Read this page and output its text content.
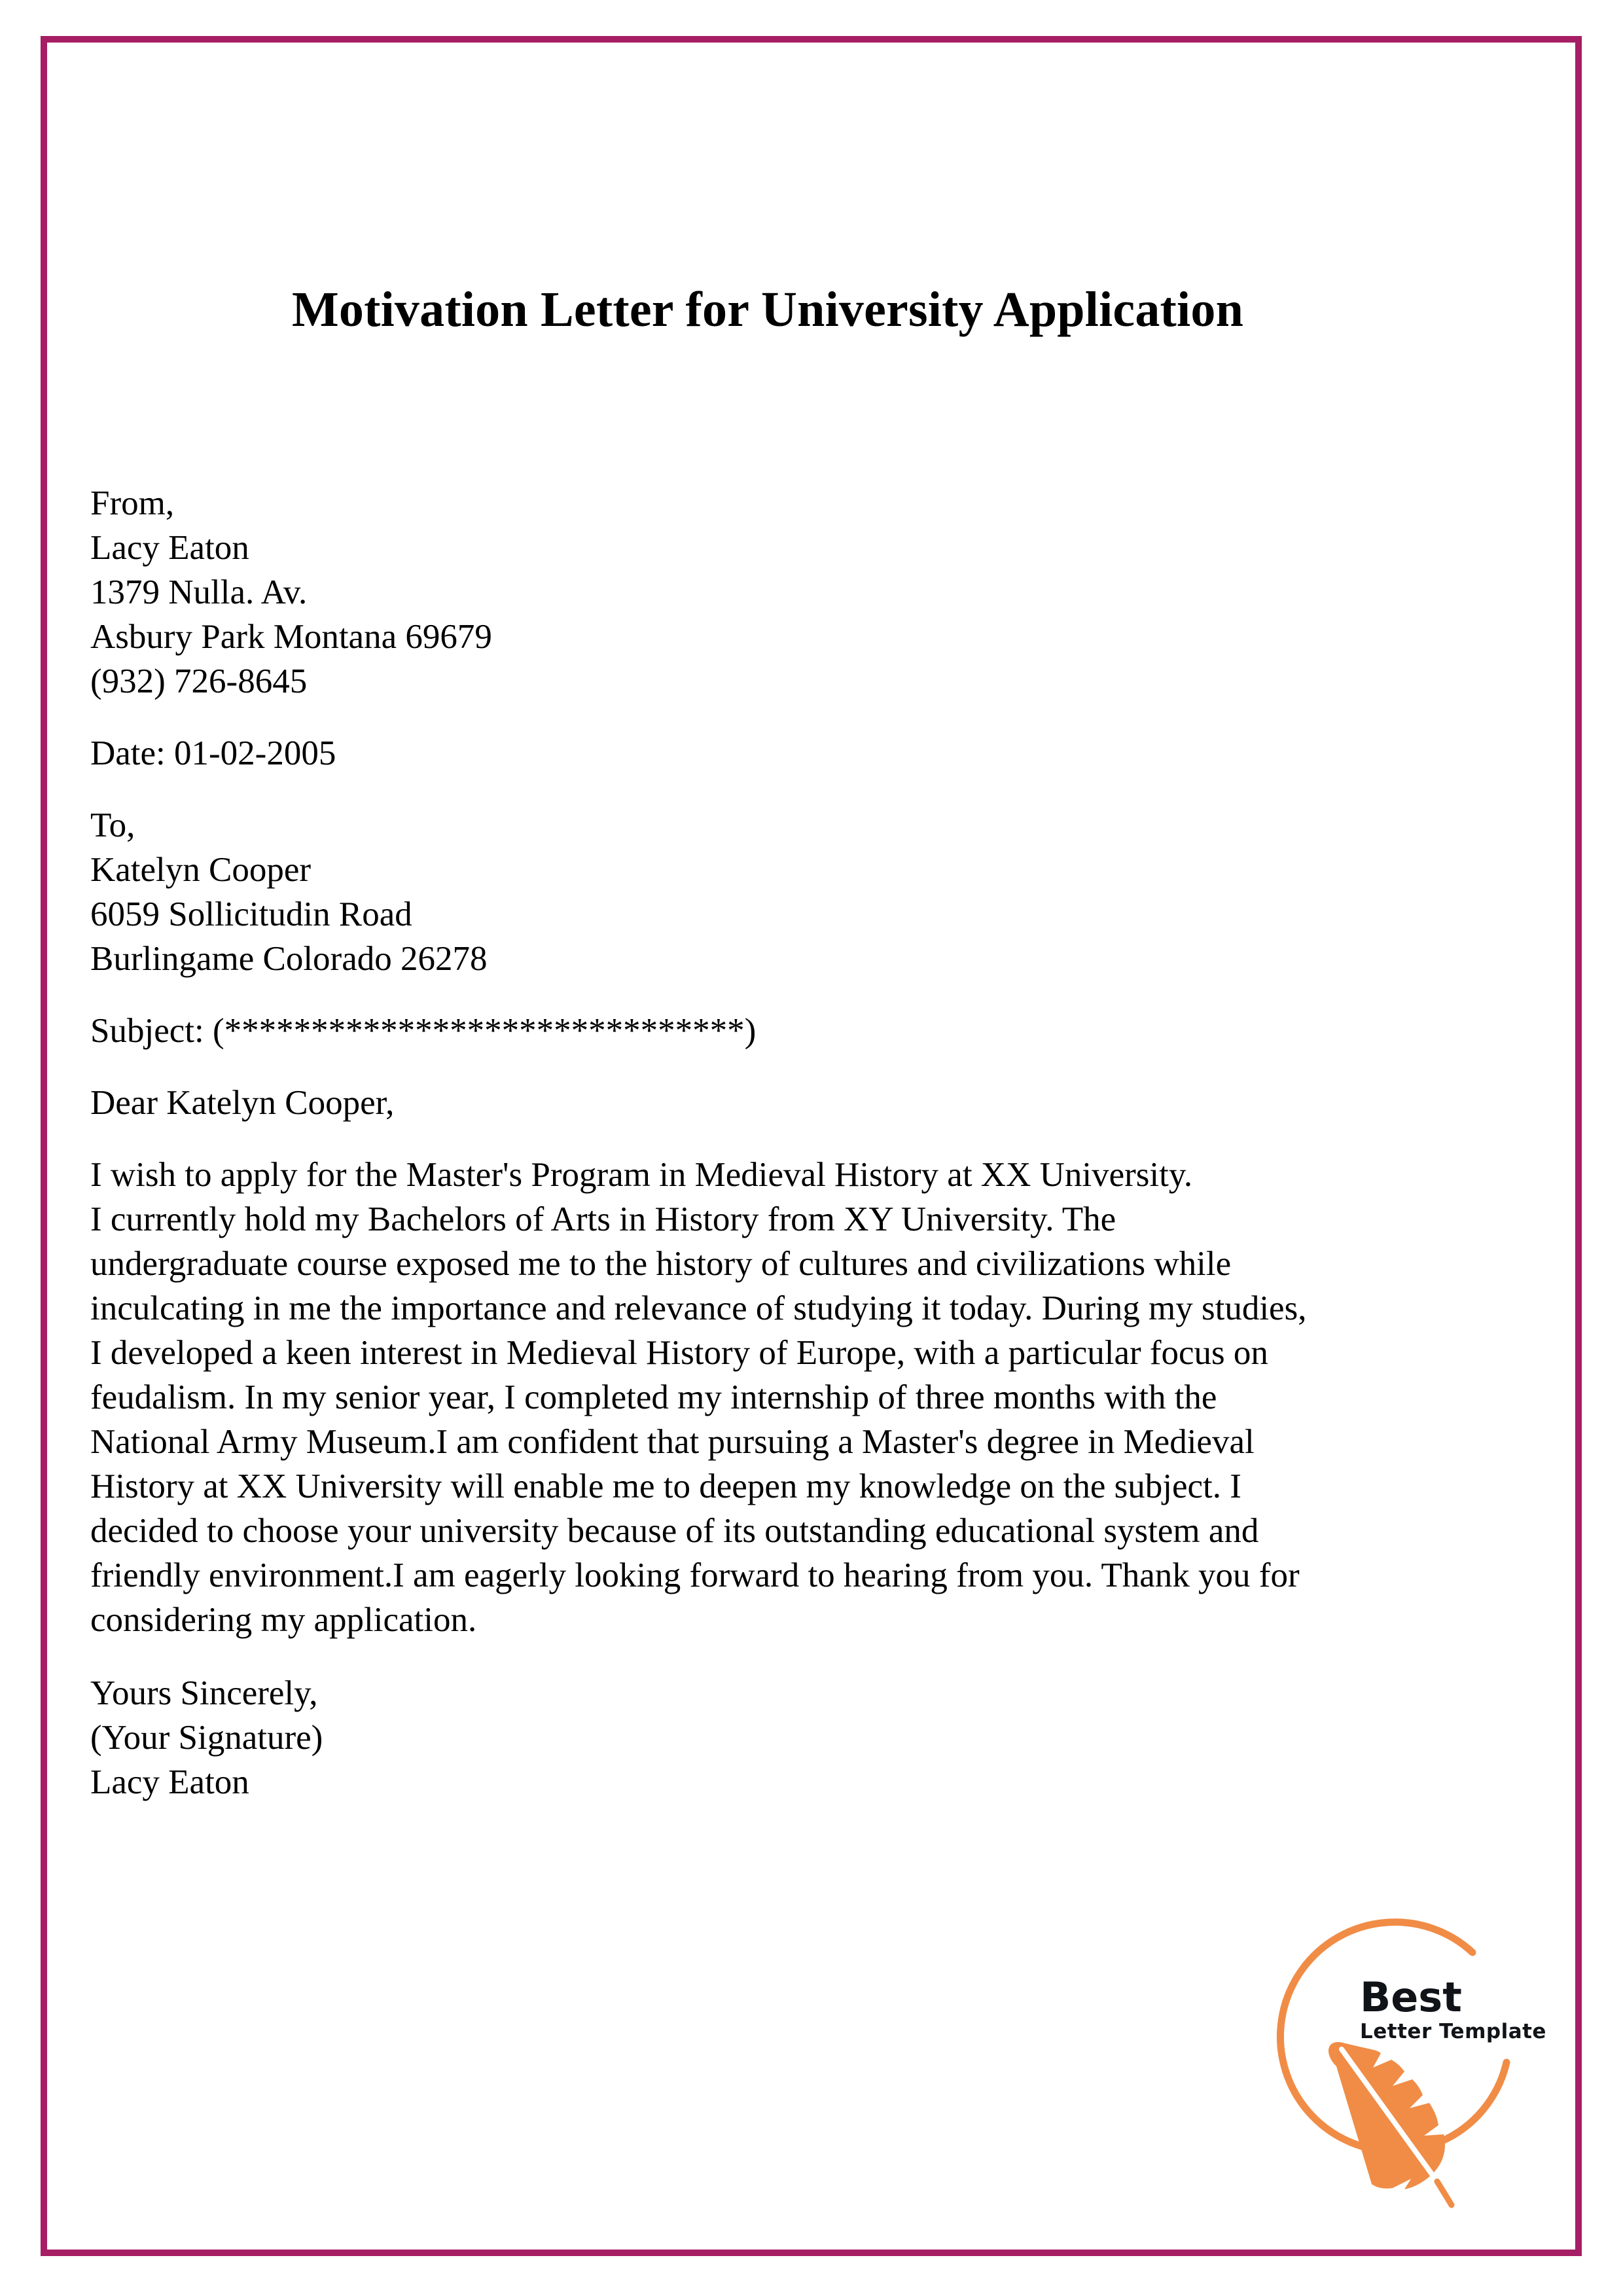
Motivation Letter for University Application
From,
Lacy Eaton
1379 Nulla. Av.
Asbury Park Montana 69679
(932) 726-8645
Date: 01-02-2005
To,
Katelyn Cooper
6059 Sollicitudin Road
Burlingame Colorado 26278
Subject: (******************************)
Dear Katelyn Cooper,
I wish to apply for the Master's Program in Medieval History at XX University.
I currently hold my Bachelors of Arts in History from XY University. The
undergraduate course exposed me to the history of cultures and civilizations while
inculcating in me the importance and relevance of studying it today. During my studies,
I developed a keen interest in Medieval History of Europe, with a particular focus on
feudalism. In my senior year, I completed my internship of three months with the
National Army Museum.I am confident that pursuing a Master's degree in Medieval
History at XX University will enable me to deepen my knowledge on the subject. I
decided to choose your university because of its outstanding educational system and
friendly environment.I am eagerly looking forward to hearing from you. Thank you for
considering my application.
Yours Sincerely,
(Your Signature)
Lacy Eaton
Best
Letter Template
